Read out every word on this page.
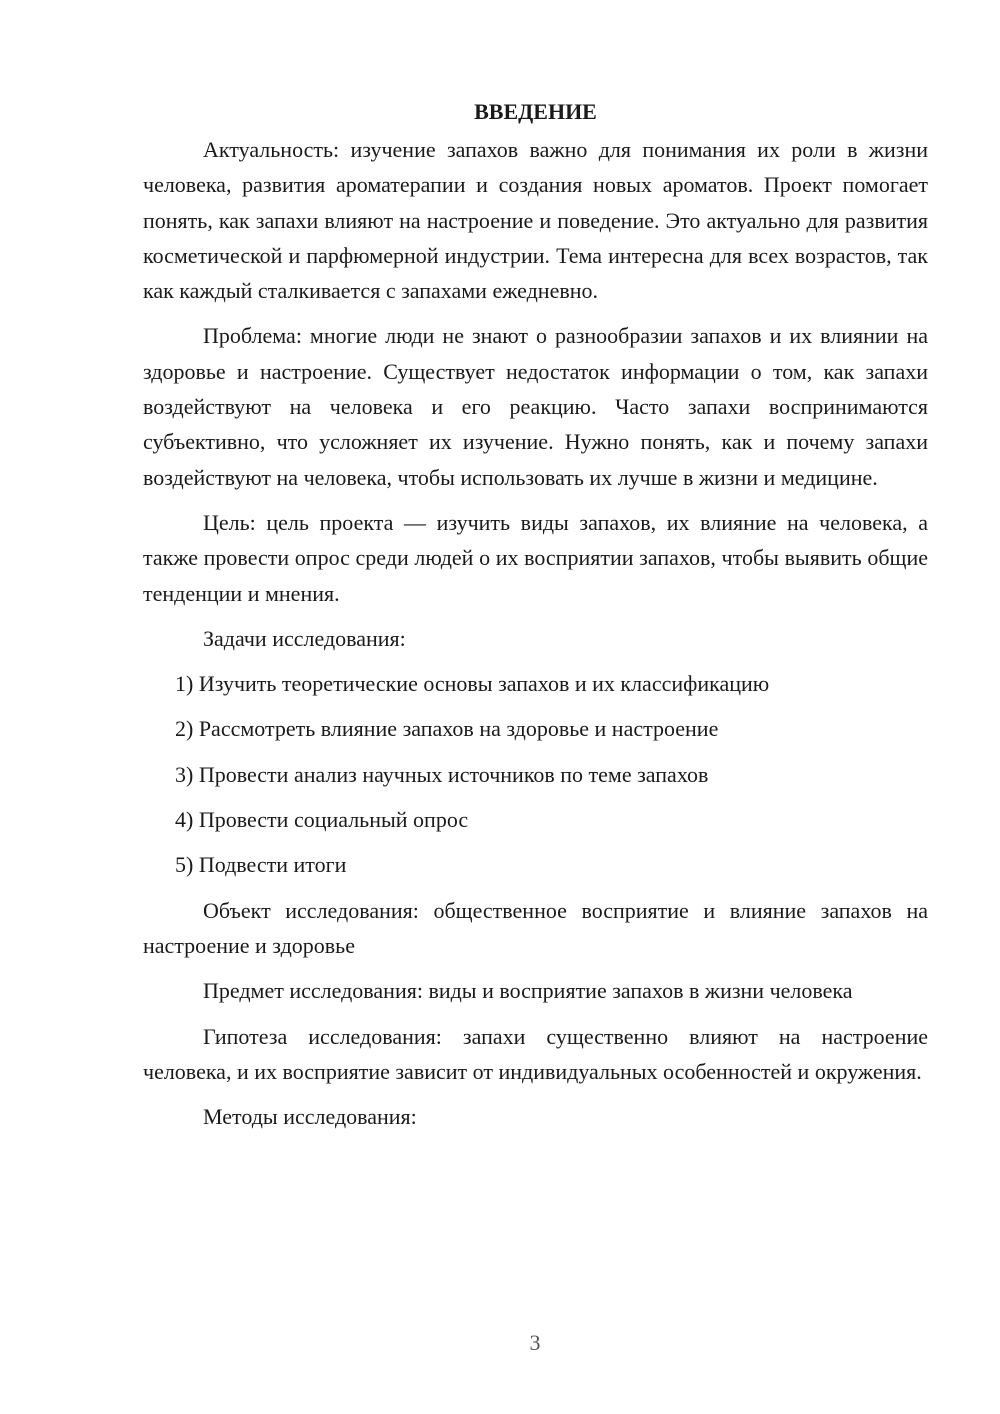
ВВЕДЕНИЕ

Актуальность: изучение запахов важно для понимания их роли в жизни человека, развития ароматерапии и создания новых ароматов. Проект помогает понять, как запахи влияют на настроение и поведение. Это актуально для развития косметической и парфюмерной индустрии. Тема интересна для всех возрастов, так как каждый сталкивается с запахами ежедневно.

Проблема: многие люди не знают о разнообразии запахов и их влиянии на здоровье и настроение. Существует недостаток информации о том, как запахи воздействуют на человека и его реакцию. Часто запахи воспринимаются субъективно, что усложняет их изучение. Нужно понять, как и почему запахи воздействуют на человека, чтобы использовать их лучше в жизни и медицине.

Цель: цель проекта — изучить виды запахов, их влияние на человека, а также провести опрос среди людей о их восприятии запахов, чтобы выявить общие тенденции и мнения.

Задачи исследования:
1) Изучить теоретические основы запахов и их классификацию
2) Рассмотреть влияние запахов на здоровье и настроение
3) Провести анализ научных источников по теме запахов
4) Провести социальный опрос
5) Подвести итоги

Объект исследования: общественное восприятие и влияние запахов на настроение и здоровье

Предмет исследования: виды и восприятие запахов в жизни человека

Гипотеза исследования: запахи существенно влияют на настроение человека, и их восприятие зависит от индивидуальных особенностей и окружения.

Методы исследования:
3
